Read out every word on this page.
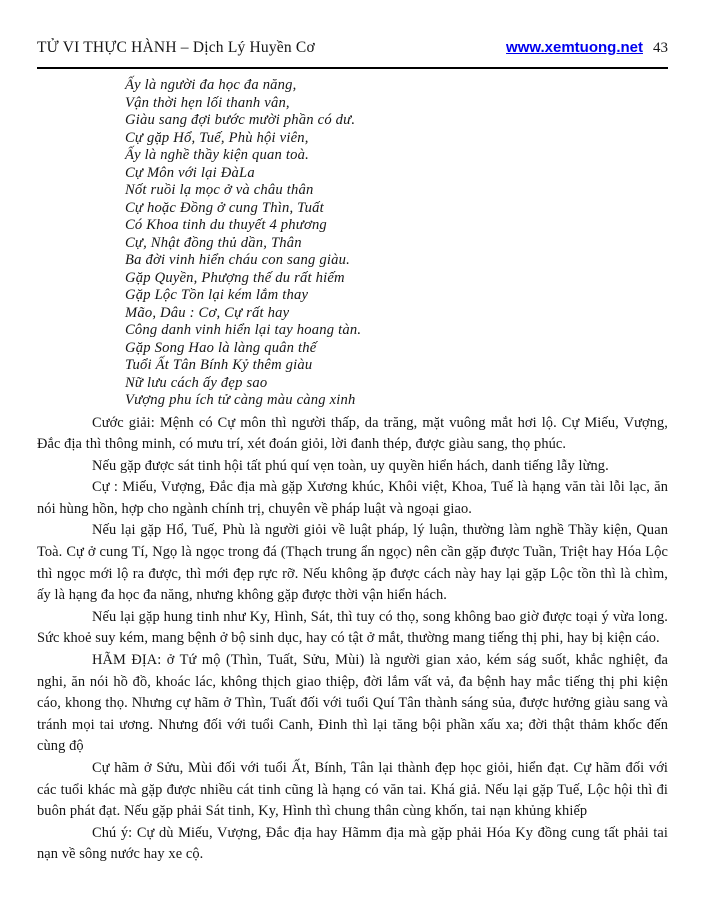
TỬ VI THỰC HÀNH – Dịch Lý Huyền Cơ	www.xemtuong.net 43
Ấy là người đa học đa năng,
Vận thời hẹn lối thanh vân,
Giàu sang đợi bước mười phần có dư.
Cự gặp Hổ, Tuế, Phù hội viên,
Ấy là nghề thầy kiện quan toà.
Cự Môn với lại ĐàLa
Nốt ruồi lạ mọc ở và châu thân
Cự hoặc Đồng ở cung Thìn, Tuất
Có Khoa tinh du thuyết 4 phương
Cự, Nhật đồng thủ dần, Thân
Ba đời vinh hiển cháu con sang giàu.
Gặp Quyền, Phượng thế du rất hiếm
Gặp Lộc Tồn lại kém lắm thay
Mão, Dâu : Cơ, Cự rất hay
Công danh vinh hiển lại tay hoang tàn.
Gặp Song Hao là làng quân thế
Tuổi Ất Tân Bính Kỷ thêm giàu
Nữ lưu cách ấy đẹp sao
Vượng phu ích tử càng màu càng xinh

Cước giải: Mệnh có Cự môn thì người thấp, da trăng, mặt vuông mắt hơi lộ. Cự Miếu, Vượng, Đắc địa thì thông minh, có mưu trí, xét đoán giỏi, lời đanh thép, được giàu sang, thọ phúc.

Nếu gặp được sát tinh hội tất phú quí vẹn toàn, uy quyền hiển hách, danh tiếng lẫy lừng.

Cự : Miếu, Vượng, Đắc địa mà gặp Xương khúc, Khôi việt, Khoa, Tuế là hạng văn tài lỗi lạc, ăn nói hùng hồn, hợp cho ngành chính trị, chuyên về pháp luật và ngoại giao.

Nếu lại gặp Hổ, Tuế, Phù là người giỏi về luật pháp, lý luận, thường làm nghề Thầy kiện, Quan Toà. Cự ở cung Tí, Ngọ là ngọc trong đá (Thạch trung ẩn ngọc) nên cần gặp được Tuần, Triệt hay Hóa Lộc thì ngọc mới lộ ra được, thì mới đẹp rực rỡ. Nếu không ặp được cách này hay lại gặp Lộc tồn thì là chìm, ấy là hạng đa học đa năng, nhưng không gặp được thời vận hiển hách.

Nếu lại gặp hung tinh như Ky, Hình, Sát, thì tuy có thọ, song không bao giờ được toại ý vừa long. Sức khoẻ suy kém, mang bệnh ở bộ sinh dục, hay có tật ở mắt, thường mang tiếng thị phi, hay bị kiện cáo.

HÃM ĐỊA: ở Tứ mộ (Thìn, Tuất, Sửu, Mùi) là người gian xảo, kém ság suốt, khắc nghiệt, đa nghi, ăn nói hồ đồ, khoác lác, không thịch giao thiệp, đời lắm vất vả, đa bệnh hay mắc tiếng thị phi kiện cáo, khong thọ. Nhưng cự hãm ở Thìn, Tuất đối với tuổi Quí Tân thành sáng sủa, được hưởng giàu sang và tránh mọi tai ương. Nhưng đối với tuổi Canh, Đinh thì lại tăng bội phần xấu xa; đời thật thảm khốc đến cùng độ

Cự hãm ở Sửu, Mùi đối với tuổi Ất, Bính, Tân lại thành đẹp học giỏi, hiển đạt. Cự hãm đối với các tuổi khác mà gặp được nhiều cát tinh cũng là hạng có văn tai. Khá giả. Nếu lại gặp Tuế, Lộc hội thì đi buôn phát đạt. Nếu gặp phải Sát tinh, Ky, Hình thì chung thân cùng khốn, tai nạn khủng khiếp

Chú ý: Cự dù Miếu, Vượng, Đắc địa hay Hãmm địa mà gặp phải Hóa Ky đồng cung tất phải tai nạn về sông nước hay xe cộ.
